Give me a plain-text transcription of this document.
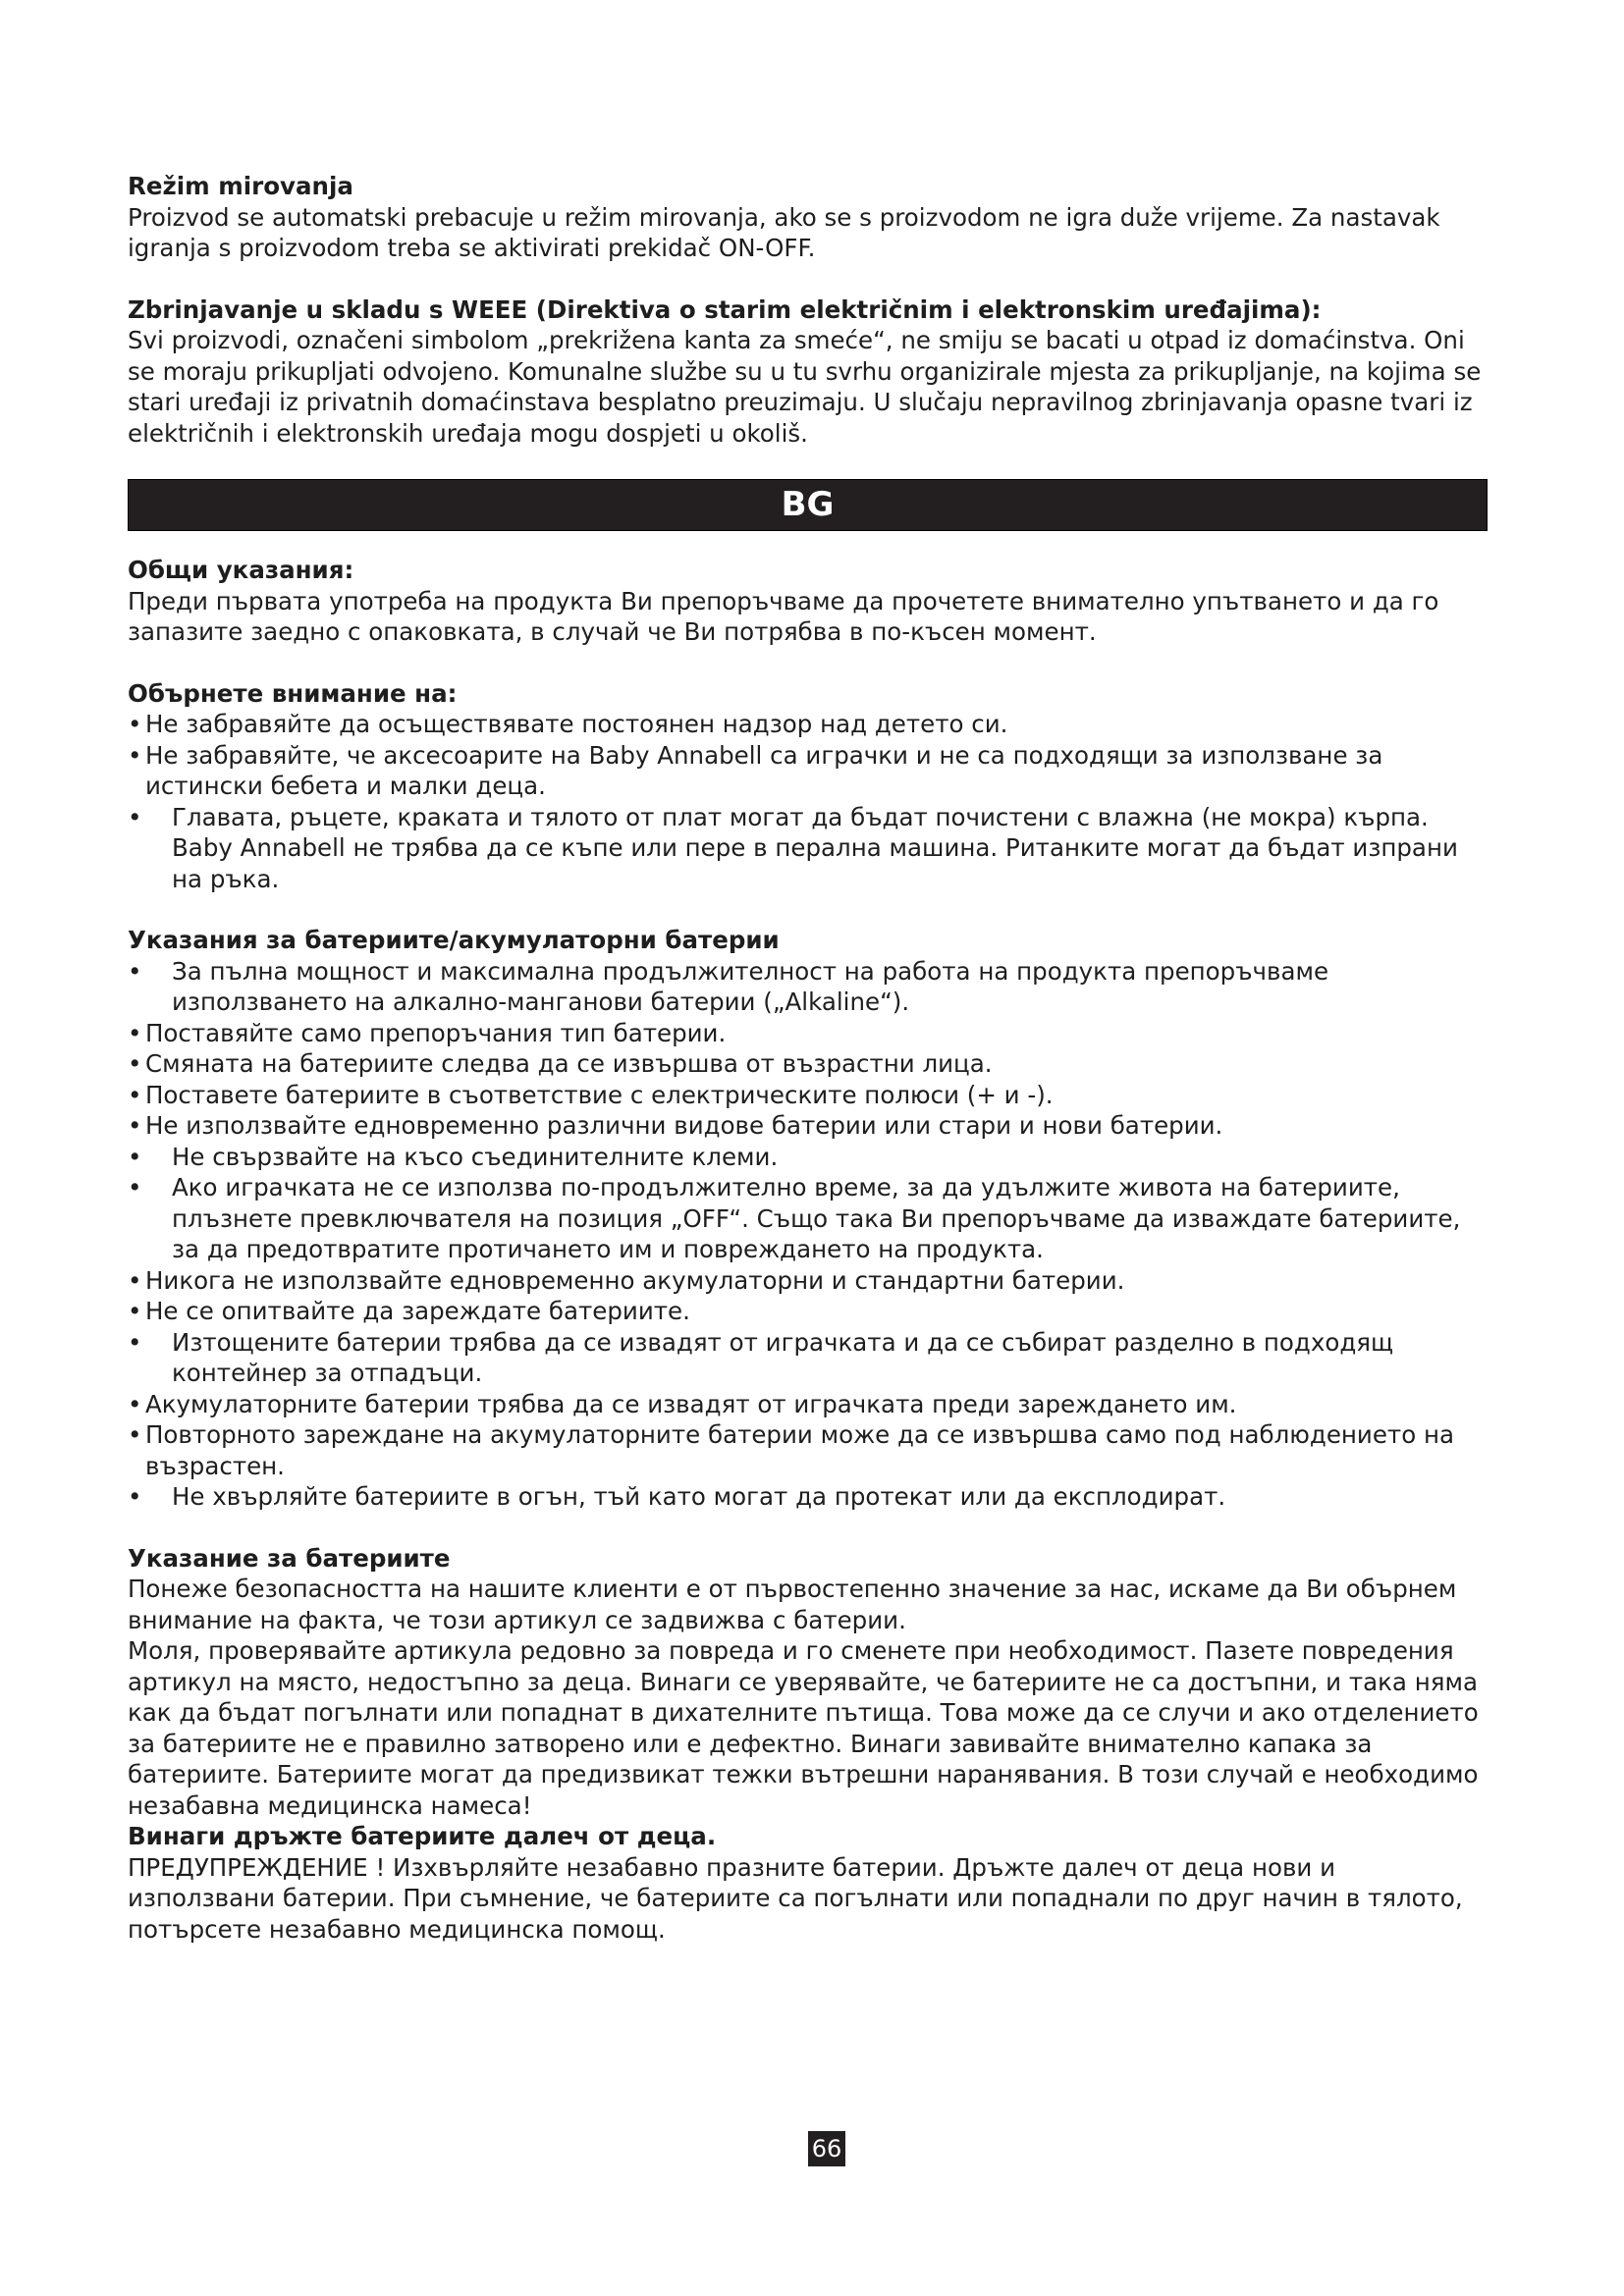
Režim mirovanja

Proizvod se automatski prebacuje u režim mirovanja, ako se s proizvodom ne igra duže vrijeme. Za nastavak igranja s proizvodom treba se aktivirati prekidač ON-OFF.

Zbrinjavanje u skladu s WEEE (Direktiva o starim električnim i elektronskim uređajima):

Svi proizvodi, označeni simbolom „prekrižena kanta za smeće“, ne smiju se bacati u otpad iz domaćinstva. Oni se moraju prikupljati odvojeno. Komunalne službe su u tu svrhu organizirale mjesta za prikupljanje, na kojima se stari uređaji iz privatnih domaćinstava besplatno preuzimaju. U slučaju nepravilnog zbrinjavanja opasne tvari iz električnih i elektronskih uređaja mogu dospjeti u okoliš.

BG

Общи указания:

Преди първата употреба на продукта Ви препоръчваме да прочетете внимателно упътването и да го запазите заедно с опаковката, в случай че Ви потрябва в по-късен момент.

Обърнете внимание на:

• Не забравяйте да осъществявате постоянен надзор над детето си.
• Не забравяйте, че аксесоарите на Baby Annabell са играчки и не са подходящи за използване за истински бебета и малки деца.
• Главата, ръцете, краката и тялото от плат могат да бъдат почистени с влажна (не мокра) кърпа. Baby Annabell не трябва да се къпе или пере в перална машина. Ританките могат да бъдат изпрани на ръка.

Указания за батериите/акумулаторни батерии

• За пълна мощност и максимална продължителност на работа на продукта препоръчваме използването на алкално-манганови батерии („Alkaline“).
• Поставяйте само препоръчания тип батерии.
• Смяната на батериите следва да се извършва от възрастни лица.
• Поставете батериите в съответствие с електрическите полюси (+ и -).
• Не използвайте едновременно различни видове батерии или стари и нови батерии.
• Не свързвайте на късо съединителните клеми.
• Ако играчката не се използва по-продължително време, за да удължите живота на батериите, плъзнете превключвателя на позиция „OFF“. Също така Ви препоръчваме да изваждате батериите, за да предотвратите протичането им и повреждането на продукта.
• Никога не използвайте едновременно акумулаторни и стандартни батерии.
• Не се опитвайте да зареждате батериите.
• Изтощените батерии трябва да се извадят от играчката и да се събират разделно в подходящ контейнер за отпадъци.
• Акумулаторните батерии трябва да се извадят от играчката преди зареждането им.
• Повторното зареждане на акумулаторните батерии може да се извършва само под наблюдението на възрастен.
• Не хвърляйте батериите в огън, тъй като могат да протекат или да експлодират.

Указание за батериите

Понеже безопасността на нашите клиенти е от първостепенно значение за нас, искаме да Ви обърнем внимание на факта, че този артикул се задвижва с батерии.

Моля, проверявайте артикула редовно за повреда и го сменете при необходимост. Пазете повредения артикул на място, недостъпно за деца. Винаги се уверявайте, че батериите не са достъпни, и така няма как да бъдат погълнати или попаднат в дихателните пътища. Това може да се случи и ако отделението за батериите не е правилно затворено или е дефектно. Винаги завивайте внимателно капака за батериите. Батериите могат да предизвикат тежки вътрешни наранявания. В този случай е необходимо незабавна медицинска намеса!

Винаги дръжте батериите далеч от деца.

ПРЕДУПРЕЖДЕНИЕ ! Изхвърляйте незабавно празните батерии. Дръжте далеч от деца нови и използвани батерии. При съмнение, че батериите са погълнати или попаднали по друг начин в тялото, потърсете незабавно медицинска помощ.

66
